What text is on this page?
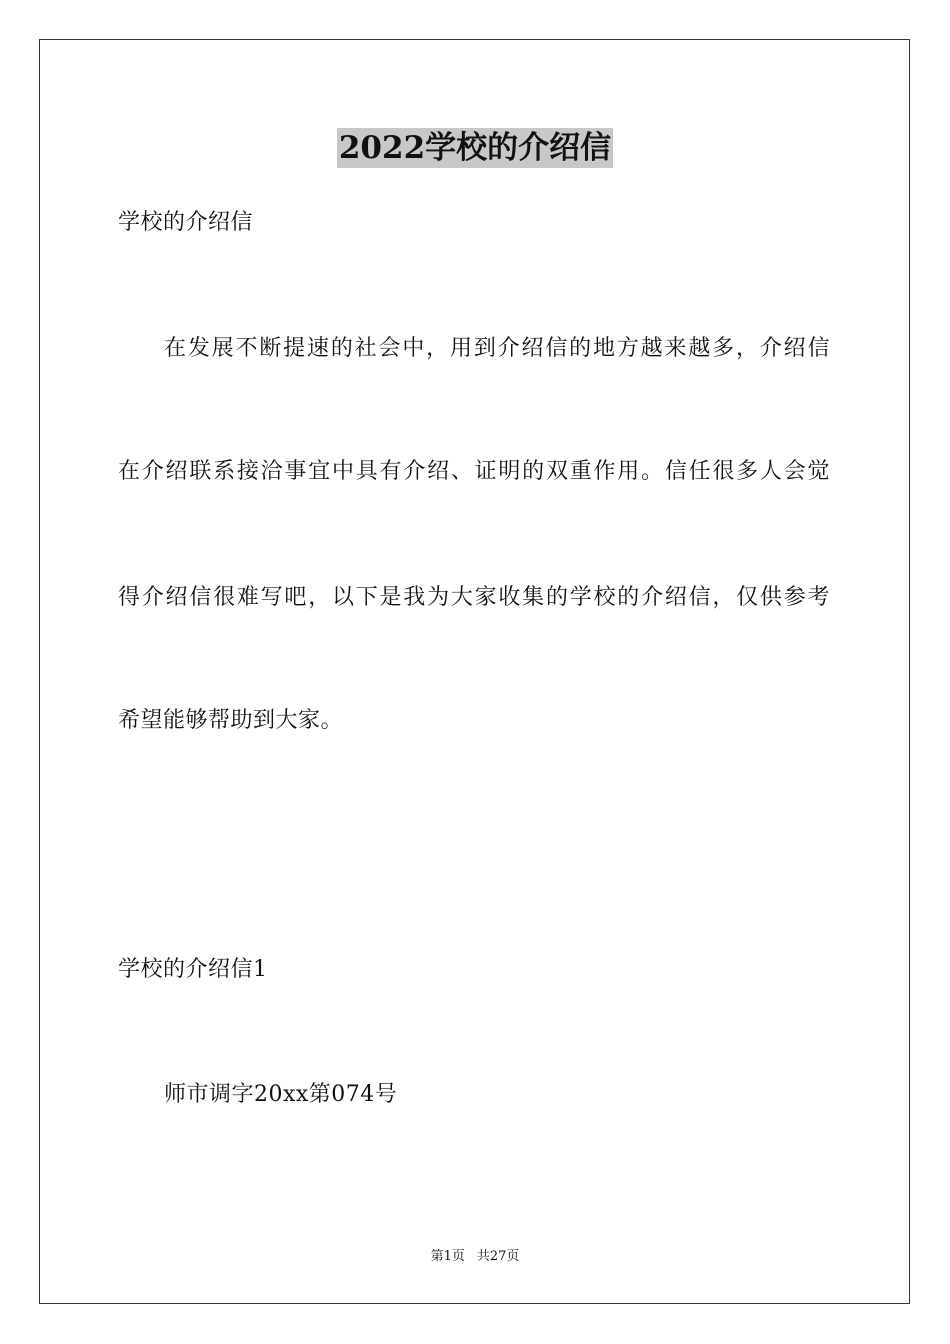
2022学校的介绍信
学校的介绍信
在发展不断提速的社会中，用到介绍信的地方越来越多，介绍信
在介绍联系接洽事宜中具有介绍、证明的双重作用。信任很多人会觉
得介绍信很难写吧，以下是我为大家收集的学校的介绍信，仅供参考
希望能够帮助到大家。
学校的介绍信1
师市调字20xx第074号
第1页 共27页
